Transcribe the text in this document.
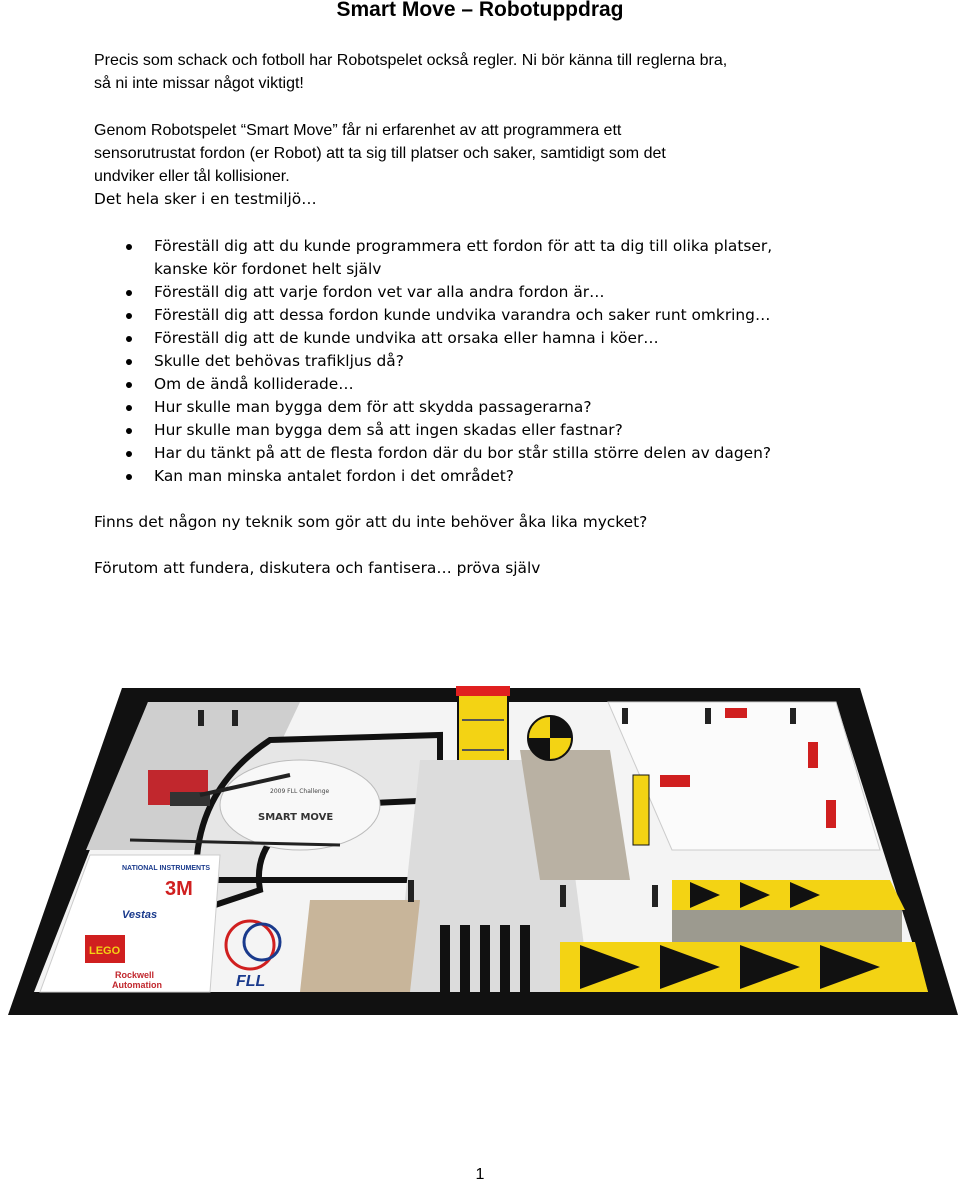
Smart Move – Robotuppdrag
Precis som schack och fotboll har Robotspelet också regler. Ni bör känna till reglerna bra,
så ni inte missar något viktigt!
Genom Robotspelet “Smart Move” får ni erfarenhet av att programmera ett
sensorutrustat fordon (er Robot) att ta sig till platser och saker, samtidigt som det
undviker eller tål kollisioner.
Det hela sker i en testmiljö…
Föreställ dig att du kunde programmera ett fordon för att ta dig till olika platser,
kanske kör fordonet helt själv
Föreställ dig att varje fordon vet var alla andra fordon är…
Föreställ dig att dessa fordon kunde undvika varandra och saker runt omkring…
Föreställ dig att de kunde undvika att orsaka eller hamna i köer…
Skulle det behövas trafikljus då?
Om de ändå kolliderade…
Hur skulle man bygga dem för att skydda passagerarna?
Hur skulle man bygga dem så att ingen skadas eller fastnar?
Har du tänkt på att de flesta fordon där du bor står stilla större delen av dagen?
Kan man minska antalet fordon i det området?
Finns det någon ny teknik som gör att du inte behöver åka lika mycket?
Förutom att fundera, diskutera och fantisera… pröva själv
2009 FLL Challenge
SMART MOVE
NATIONAL INSTRUMENTS
3M
Vestas
LEGO
Rockwell
Automation	FLL
1
